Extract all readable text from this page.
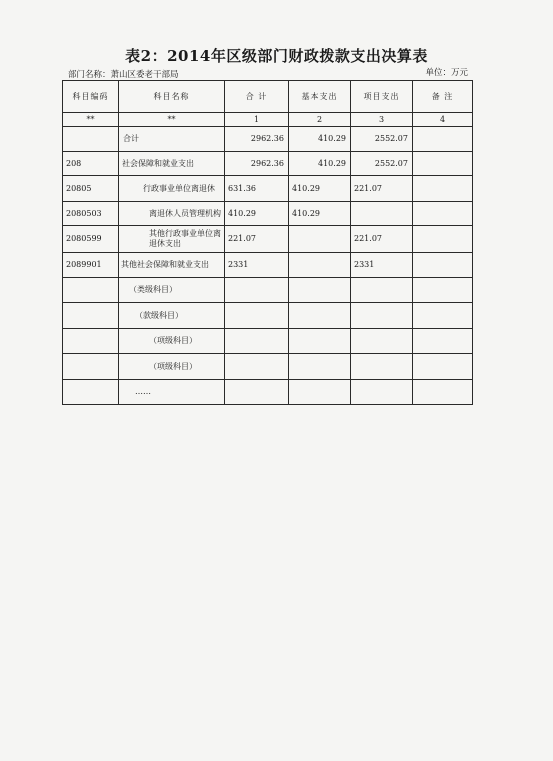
表2：2014年区级部门财政拨款支出决算表
部门名称：萧山区委老干部局	单位：万元
科目编码	科目名称	合 计	基本支出	项目支出	备 注
**	**	1	2	3	4
	合计	2962.36	410.29	2552.07	
208	社会保障和就业支出	2962.36	410.29	2552.07	
20805	行政事业单位离退休	631.36	410.29	221.07	
2080503	离退休人员管理机构	410.29	410.29		
2080599	其他行政事业单位离退休支出	221.07		221.07	
2089901	其他社会保障和就业支出	2331		2331	
	（类级科目）				
	（款级科目）				
	（项级科目）				
	（项级科目）				
	……				
